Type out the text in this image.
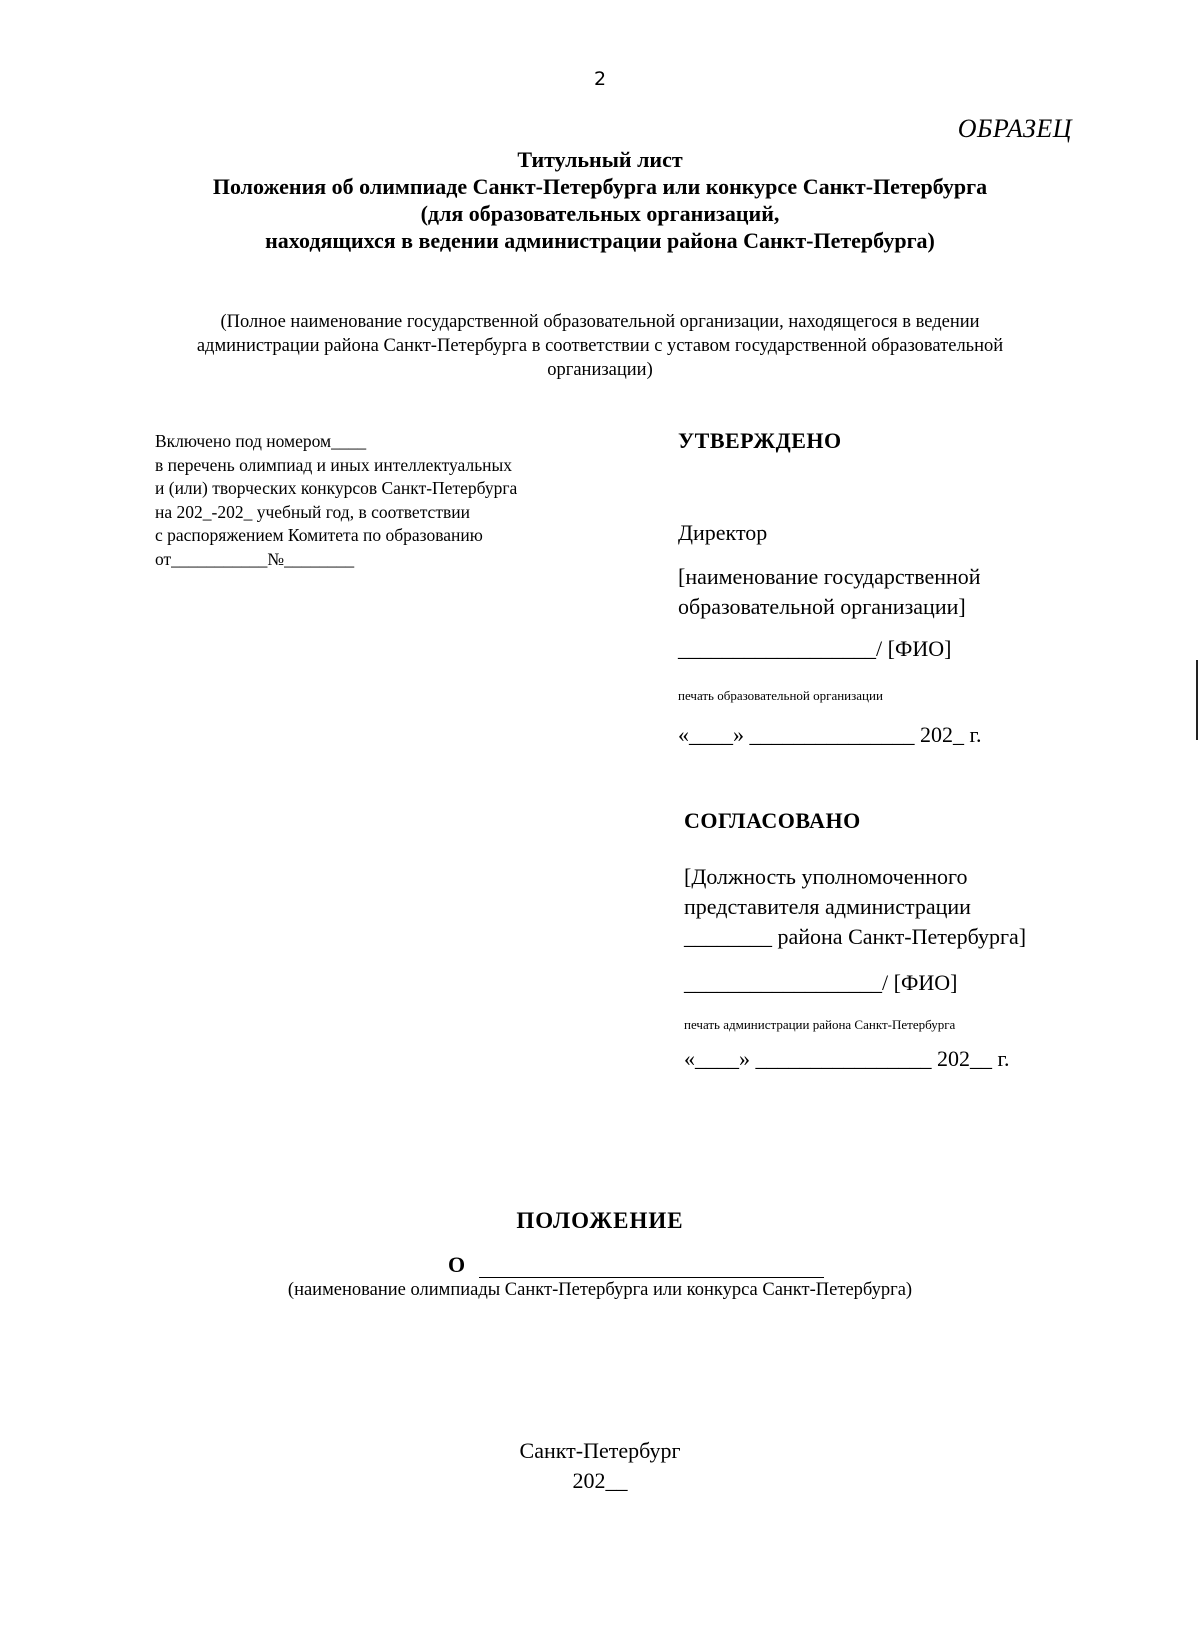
2
ОБРАЗЕЦ
Титульный лист
Положения об олимпиаде Санкт-Петербурга или конкурсе Санкт-Петербурга
(для образовательных организаций,
находящихся в ведении администрации района Санкт-Петербурга)
(Полное наименование государственной образовательной организации, находящегося в ведении
администрации района Санкт-Петербурга в соответствии с уставом государственной образовательной
организации)
Включено под номером____
в перечень олимпиад и иных интеллектуальных
и (или) творческих конкурсов Санкт-Петербурга
на 202_-202_ учебный год, в соответствии
с распоряжением Комитета по образованию
от___________№________
УТВЕРЖДЕНО
Директор
[наименование государственной
образовательной организации]
__________________/ [ФИО]
печать образовательной организации
«____» _______________ 202_ г.
СОГЛАСОВАНО
[Должность уполномоченного
представителя администрации
________ района Санкт-Петербурга]
__________________/ [ФИО]
печать администрации района Санкт-Петербурга
«____» ________________ 202__ г.
ПОЛОЖЕНИЕ
О
(наименование олимпиады Санкт-Петербурга или конкурса Санкт-Петербурга)
Санкт-Петербург
202__
